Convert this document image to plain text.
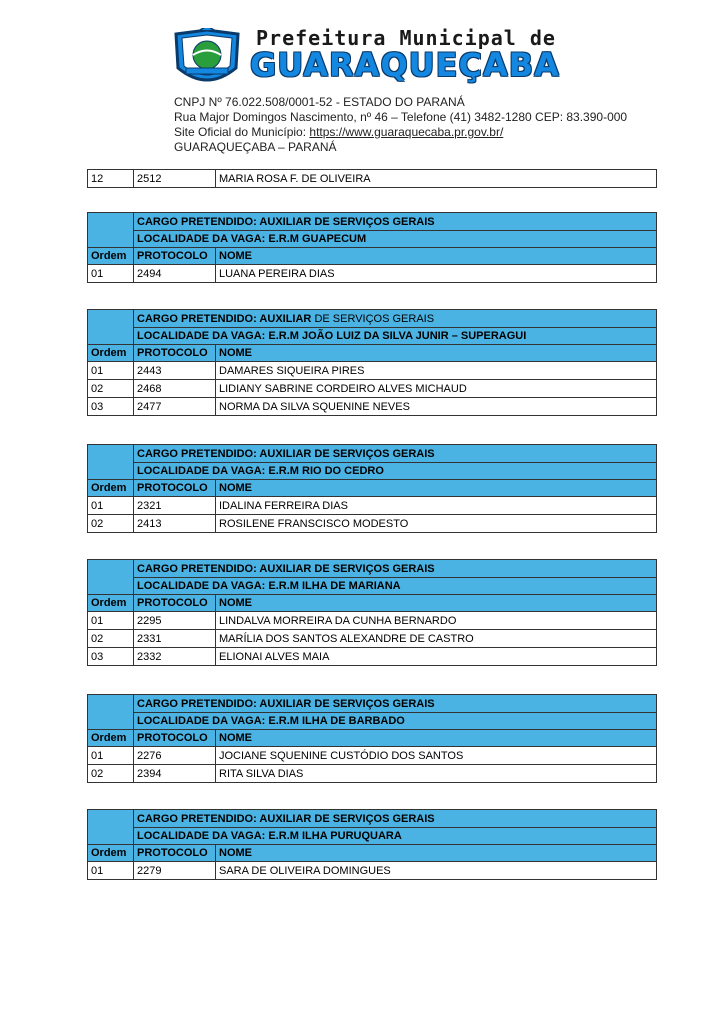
Prefeitura Municipal de
GUARAQUEÇABA
CNPJ Nº 76.022.508/0001-52 - ESTADO DO PARANÁ
Rua Major Domingos Nascimento, nº 46 – Telefone (41) 3482-1280 CEP: 83.390-000
Site Oficial do Município: https://www.guaraquecaba.pr.gov.br/
GUARAQUEÇABA – PARANÁ
12	2512	MARIA ROSA F. DE OLIVEIRA
	CARGO PRETENDIDO: AUXILIAR DE SERVIÇOS GERAIS	
	LOCALIDADE DA VAGA: E.R.M GUAPECUM	
Ordem	PROTOCOLO	NOME
01	2494	LUANA PEREIRA DIAS
	CARGO PRETENDIDO: AUXILIAR DE SERVIÇOS GERAIS	
	LOCALIDADE DA VAGA: E.R.M JOÃO LUIZ DA SILVA JUNIR – SUPERAGUI	
Ordem	PROTOCOLO	NOME
01	2443	DAMARES SIQUEIRA PIRES
02	2468	LIDIANY SABRINE CORDEIRO ALVES MICHAUD
03	2477	NORMA DA SILVA SQUENINE NEVES
	CARGO PRETENDIDO: AUXILIAR DE SERVIÇOS GERAIS	
	LOCALIDADE DA VAGA: E.R.M RIO DO CEDRO	
Ordem	PROTOCOLO	NOME
01	2321	IDALINA FERREIRA DIAS
02	2413	ROSILENE FRANSCISCO MODESTO
	CARGO PRETENDIDO: AUXILIAR DE SERVIÇOS GERAIS	
	LOCALIDADE DA VAGA: E.R.M ILHA DE MARIANA	
Ordem	PROTOCOLO	NOME
01	2295	LINDALVA MORREIRA DA CUNHA BERNARDO
02	2331	MARÍLIA DOS SANTOS ALEXANDRE DE CASTRO
03	2332	ELIONAI ALVES MAIA
	CARGO PRETENDIDO: AUXILIAR DE SERVIÇOS GERAIS	
	LOCALIDADE DA VAGA: E.R.M ILHA DE BARBADO	
Ordem	PROTOCOLO	NOME
01	2276	JOCIANE SQUENINE CUSTÓDIO DOS SANTOS
02	2394	RITA SILVA DIAS
	CARGO PRETENDIDO: AUXILIAR DE SERVIÇOS GERAIS	
	LOCALIDADE DA VAGA: E.R.M ILHA PURUQUARA	
Ordem	PROTOCOLO	NOME
01	2279	SARA DE OLIVEIRA DOMINGUES
